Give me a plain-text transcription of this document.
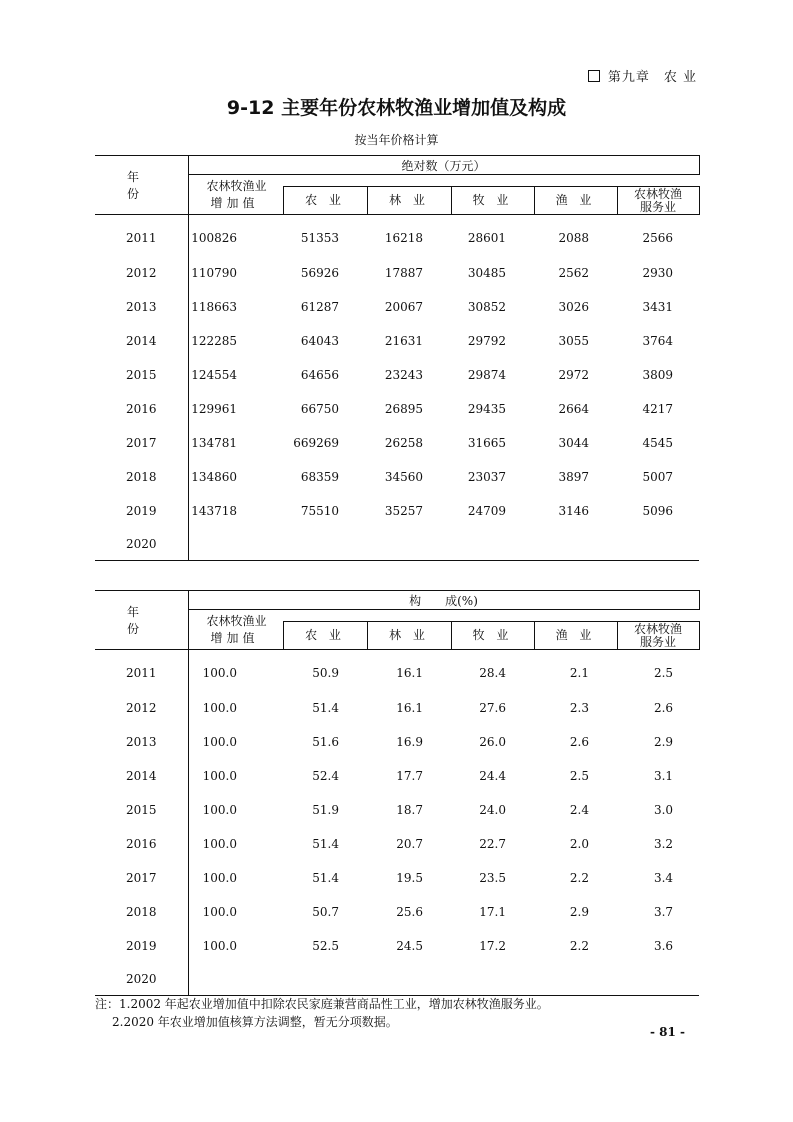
第九章　农 业
9-12 主要年份农林牧渔业增加值及构成
按当年价格计算
年　份	绝对数（万元）					

	农林牧渔业
增加值					

		农 业	林 业	牧 业	渔 业	农林牧渔
服务业

2011	100826	51353	16218	28601	2088	2566
2012	110790	56926	17887	30485	2562	2930
2013	118663	61287	20067	30852	3026	3431
2014	122285	64043	21631	29792	3055	3764
2015	124554	64656	23243	29874	2972	3809
2016	129961	66750	26895	29435	2664	4217
2017	134781	669269	26258	31665	3044	4545
2018	134860	68359	34560	23037	3897	5007
2019	143718	75510	35257	24709	3146	5096
2020						
年　份	构　　成(%)					

	农林牧渔业
增加值					

		农 业	林 业	牧 业	渔 业	农林牧渔
服务业

2011	100.0	50.9	16.1	28.4	2.1	2.5
2012	100.0	51.4	16.1	27.6	2.3	2.6
2013	100.0	51.6	16.9	26.0	2.6	2.9
2014	100.0	52.4	17.7	24.4	2.5	3.1
2015	100.0	51.9	18.7	24.0	2.4	3.0
2016	100.0	51.4	20.7	22.7	2.0	3.2
2017	100.0	51.4	19.5	23.5	2.2	3.4
2018	100.0	50.7	25.6	17.1	2.9	3.7
2019	100.0	52.5	24.5	17.2	2.2	3.6
2020						
注：1.2002 年起农业增加值中扣除农民家庭兼营商品性工业，增加农林牧渔服务业。
2.2020 年农业增加值核算方法调整，暂无分项数据。
- 81 -
